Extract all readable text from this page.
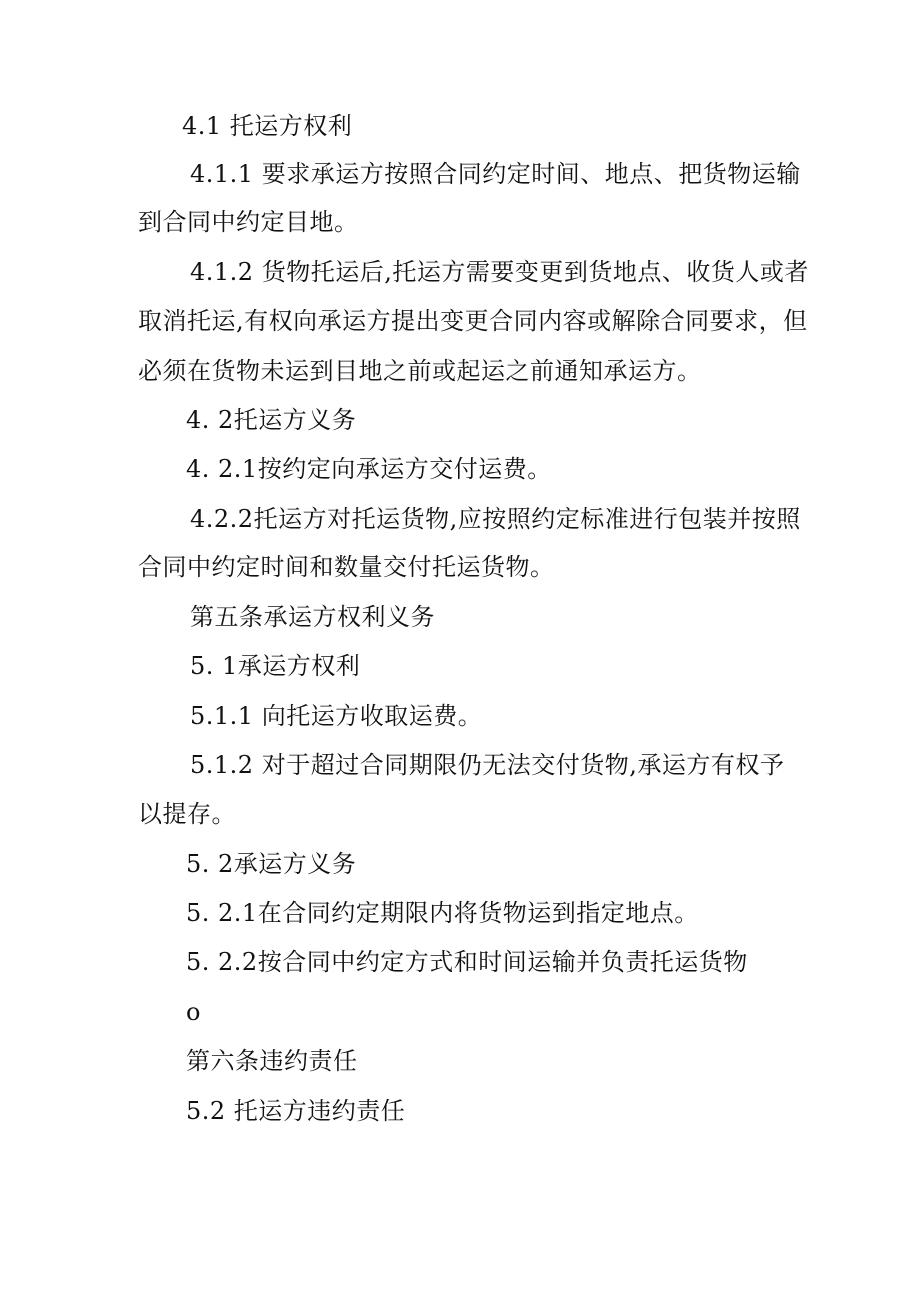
4.1 托运方权利
4.1.1 要求承运方按照合同约定时间、地点、把货物运输
到合同中约定目地。
4.1.2 货物托运后,托运方需要变更到货地点、收货人或者
取消托运,有权向承运方提出变更合同内容或解除合同要求，但
必须在货物未运到目地之前或起运之前通知承运方。
4. 2托运方义务
4. 2.1按约定向承运方交付运费。
4.2.2托运方对托运货物,应按照约定标准进行包装并按照
合同中约定时间和数量交付托运货物。
第五条承运方权利义务
5. 1承运方权利
5.1.1 向托运方收取运费。
5.1.2 对于超过合同期限仍无法交付货物,承运方有权予
以提存。
5. 2承运方义务
5. 2.1在合同约定期限内将货物运到指定地点。
5. 2.2按合同中约定方式和时间运输并负责托运货物
o
第六条违约责任
5.2 托运方违约责任
